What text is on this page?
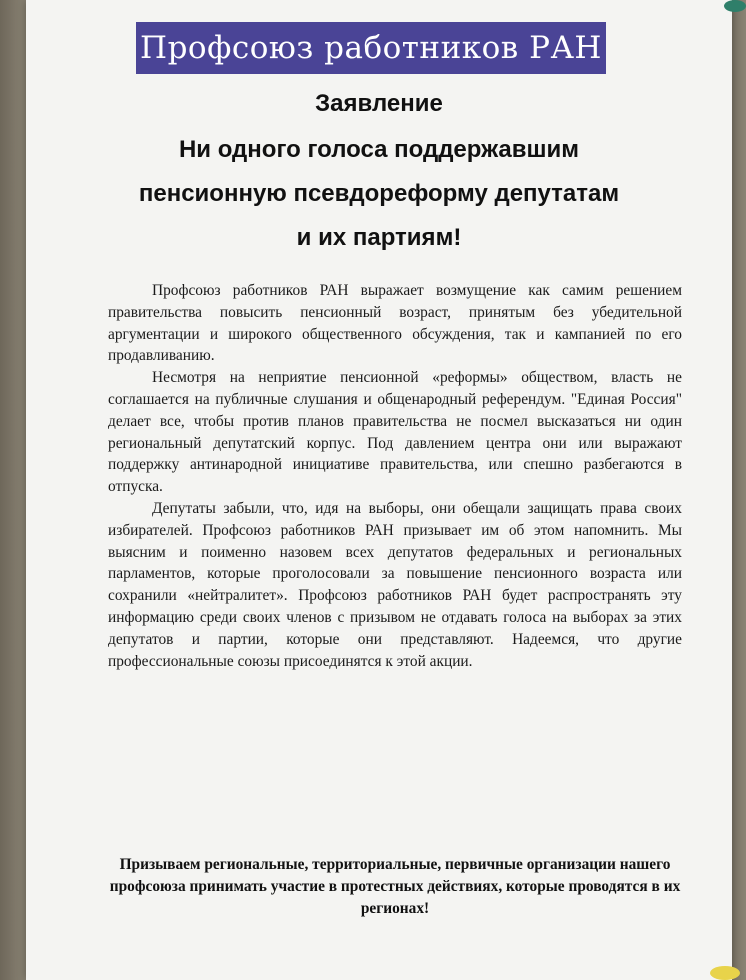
Профсоюз работников РАН
Заявление
Ни одного голоса поддержавшим
пенсионную псевдореформу депутатам
и их партиям!

Профсоюз работников РАН выражает возмущение как самим решением правительства повысить пенсионный возраст, принятым без убедительной аргументации и широкого общественного обсуждения, так и кампанией по его продавливанию.

Несмотря на неприятие пенсионной «реформы» обществом, власть не соглашается на публичные слушания и общенародный референдум. "Единая Россия" делает все, чтобы против планов правительства не посмел высказаться ни один региональный депутатский корпус. Под давлением центра они или выражают поддержку антинародной инициативе правительства, или спешно разбегаются в отпуска.

Депутаты забыли, что, идя на выборы, они обещали защищать права своих избирателей. Профсоюз работников РАН призывает им об этом напомнить. Мы выясним и поименно назовем всех депутатов федеральных и региональных парламентов, которые проголосовали за повышение пенсионного возраста или сохранили «нейтралитет». Профсоюз работников РАН будет распространять эту информацию среди своих членов с призывом не отдавать голоса на выборах за этих депутатов и партии, которые они представляют. Надеемся, что другие профессиональные союзы присоединятся к этой акции.

Призываем региональные, территориальные, первичные организации нашего профсоюза принимать участие в протестных действиях, которые проводятся в их регионах!
